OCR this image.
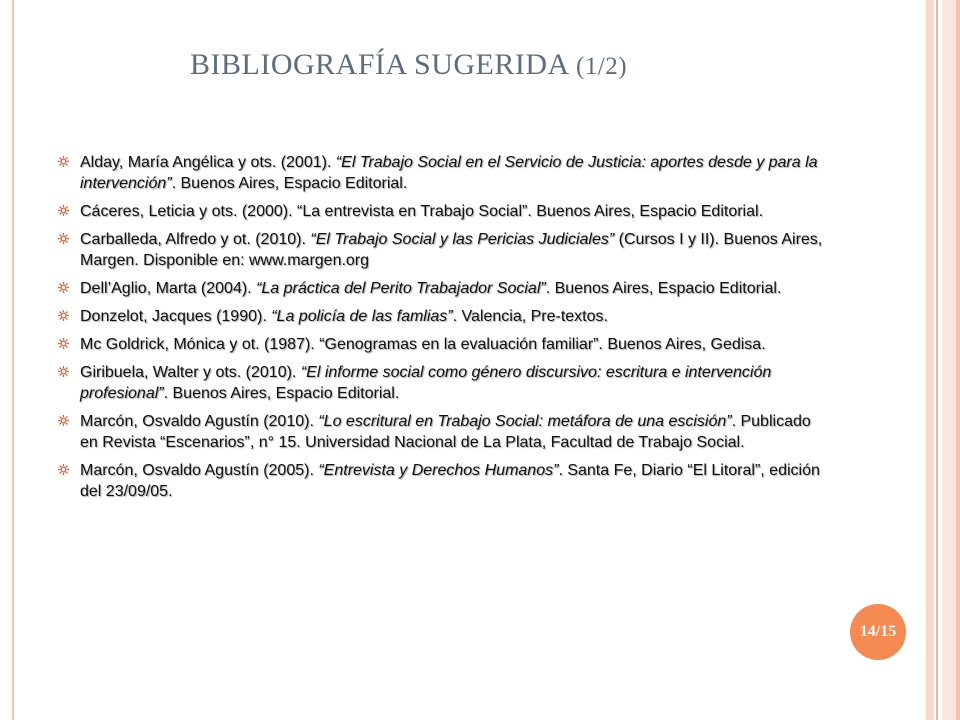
BIBLIOGRAFÍA SUGERIDA (1/2)
Alday, María Angélica y ots. (2001). “El Trabajo Social en el Servicio de Justicia: aportes desde y para la intervención”. Buenos Aires, Espacio Editorial.
Cáceres, Leticia y ots. (2000). “La entrevista en Trabajo Social”. Buenos Aires, Espacio Editorial.
Carballeda, Alfredo y ot. (2010). “El Trabajo Social y las Pericias Judiciales” (Cursos I y II). Buenos Aires, Margen. Disponible en: www.margen.org
Dell’Aglio, Marta (2004). “La práctica del Perito Trabajador Social”. Buenos Aires, Espacio Editorial.
Donzelot, Jacques (1990). “La policía de las famlias”. Valencia, Pre-textos.
Mc Goldrick, Mónica y ot. (1987). “Genogramas en la evaluación familiar”. Buenos Aires, Gedisa.
Giribuela, Walter y ots. (2010). “El informe social como género discursivo: escritura e intervención profesional”. Buenos Aires, Espacio Editorial.
Marcón, Osvaldo Agustín (2010). “Lo escritural en Trabajo Social: metáfora de una escisión”. Publicado en Revista “Escenarios”, n° 15. Universidad Nacional de La Plata, Facultad de Trabajo Social.
Marcón, Osvaldo Agustín (2005). “Entrevista y Derechos Humanos”. Santa Fe, Diario “El Litoral”, edición del 23/09/05.
14/15
